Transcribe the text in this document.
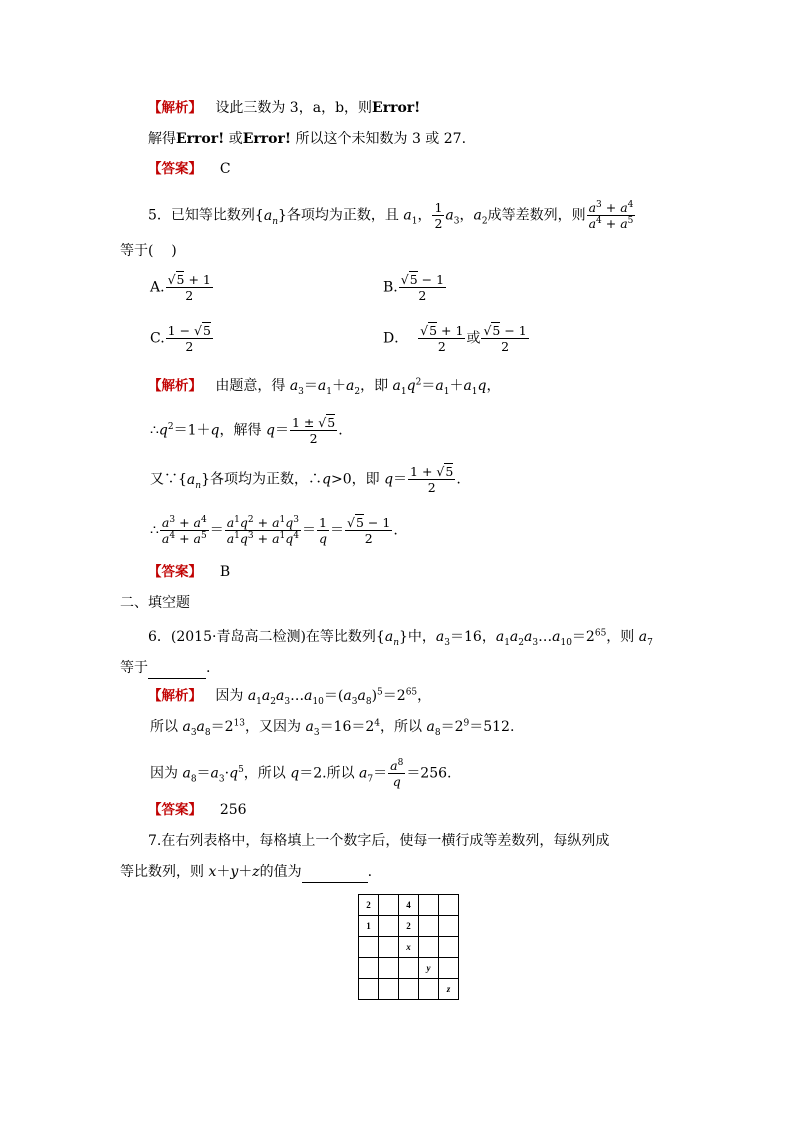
【解析】 设此三数为 3，a，b，则Error!
解得Error! 或Error! 所以这个未知数为 3 或 27.
【答案】 C
5．已知等比数列$\{a_n\}$各项均为正数，且 $a_1$， $\frac{1}{2} a_3$，$a_2$成等差数列，则 $\frac{a^3 + a^4}{a^4 + a^5}$
等于( )
A. $\frac{√5 + 1}{2}$	B. $\frac{√5 - 1}{2}$
C. $\frac{1 - √5}{2}$	D． $\frac{√5 + 1}{2}$ 或 $\frac{√5 - 1}{2}$
【解析】 由题意，得 $a_3=a_1+a_2$，即 $a_1q^2=a_1+a_1q$，
$\therefore q^2=1+q$，解得 $q= \frac{1 \pm √5}{2}$ .
又$\because\{a_n\}$各项均为正数，∴q>0，即 $q= \frac{1 + √5}{2}$ .
∴ $\frac{a^3 + a^4}{a^4 + a^5} = \frac{a^1q^2 + a^1q^3}{a^1q^3 + a^1q^4} = \frac{1}{q} = \frac{√5 - 1}{2}$ .
【答案】 B
二、填空题
6．(2015·青岛高二检测)在等比数列$\{a_n\}$中，$a_3=16$，$a_1a_2a_3\dots a_{10}=2^{65}$，则 $a_7$
等于	.
【解析】 因为 $a_1a_2a_3\dots a_{10}=(a_3a_8)^5=2^{65}$，
所以 $a_3a_8=2^{13}$，又因为 $a_3=16=2^4$，所以 $a_8=2^9=512$.
因为 $a_8=a_3\cdot q^5$，所以 q＝2.所以 $a_7= \frac{a^8}{q} =256$.
【答案】 256
7.在右列表格中，每格填上一个数字后，使每一横行成等差数列，每纵列成
等比数列，则 x＋y＋z的值为	.
2		4		
1		2		
		x		
			y	
				z
